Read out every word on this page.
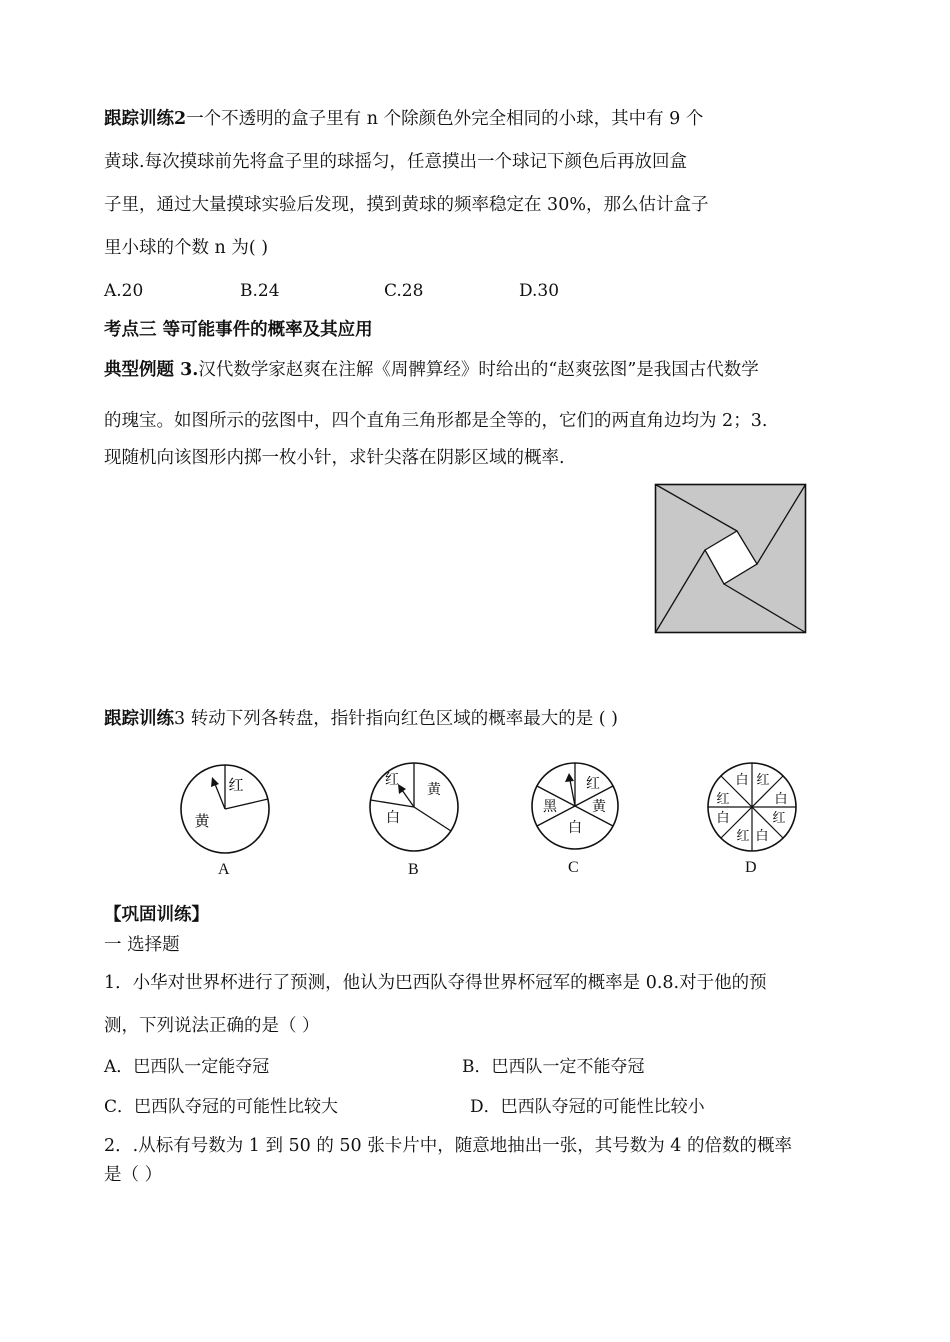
跟踪训练2一个不透明的盒子里有 n 个除颜色外完全相同的小球，其中有 9 个
黄球.每次摸球前先将盒子里的球摇匀，任意摸出一个球记下颜色后再放回盒
子里，通过大量摸球实验后发现，摸到黄球的频率稳定在 30%，那么估计盒子
里小球的个数 n 为( )
A.20	B.24	C.28	D.30
考点三 等可能事件的概率及其应用
典型例题 3.汉代数学家赵爽在注解《周髀算经》时给出的“赵爽弦图”是我国古代数学
的瑰宝。如图所示的弦图中，四个直角三角形都是全等的，它们的两直角边均为 2；3.
现随机向该图形内掷一枚小针，求针尖落在阴影区域的概率.
跟踪训练3 转动下列各转盘，指针指向红色区域的概率最大的是 ( )
红
黄
A
红
黄
白
B
红
黄
白
黑
C
白 红
白
红
白
红
白
红
D
【巩固训练】
一 选择题
1．小华对世界杯进行了预测，他认为巴西队夺得世界杯冠军的概率是 0.8.对于他的预
测，下列说法正确的是（ ）
A．巴西队一定能夺冠	B．巴西队一定不能夺冠
C．巴西队夺冠的可能性比较大	D．巴西队夺冠的可能性比较小
2．.从标有号数为 1 到 50 的 50 张卡片中，随意地抽出一张，其号数为 4 的倍数的概率
是（ ）
